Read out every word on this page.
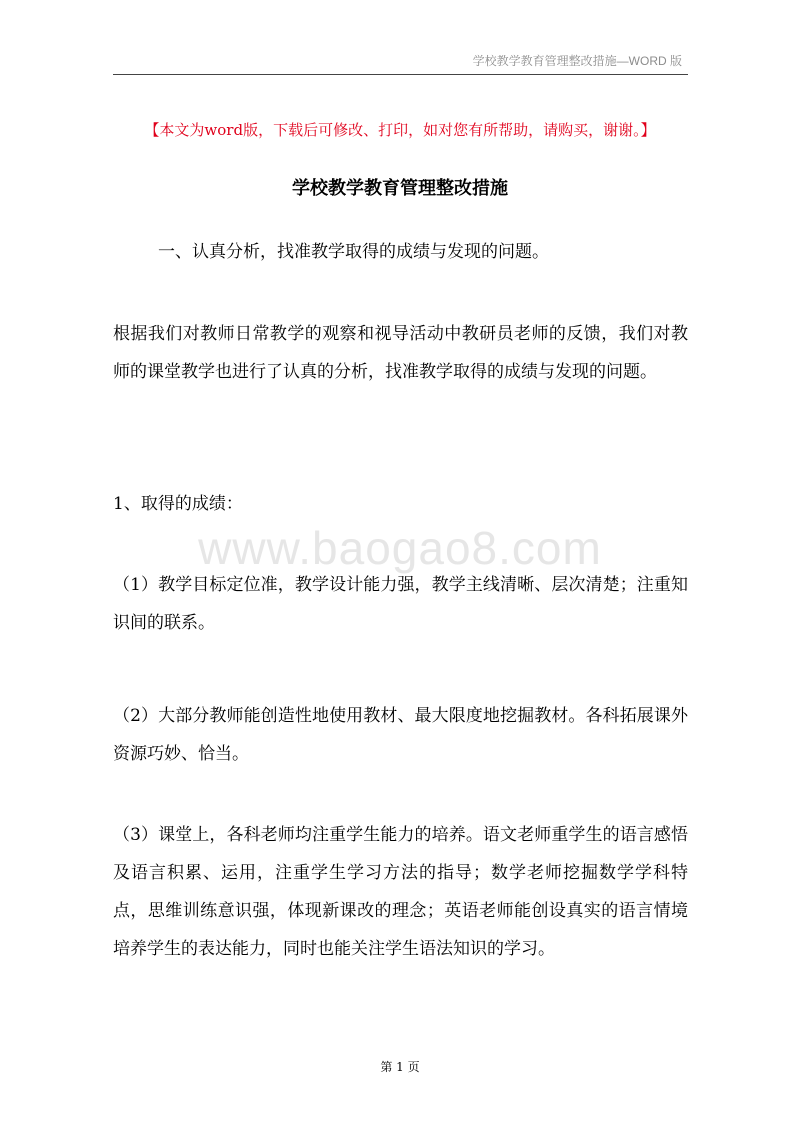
学校教学教育管理整改措施—WORD 版
【本文为word版，下载后可修改、打印，如对您有所帮助，请购买，谢谢。】
学校教学教育管理整改措施
一、认真分析，找准教学取得的成绩与发现的问题。
根据我们对教师日常教学的观察和视导活动中教研员老师的反馈，我们对教师的课堂教学也进行了认真的分析，找准教学取得的成绩与发现的问题。
1、取得的成绩：
www.baogao8.com
（1）教学目标定位准，教学设计能力强，教学主线清晰、层次清楚；注重知识间的联系。
（2）大部分教师能创造性地使用教材、最大限度地挖掘教材。各科拓展课外资源巧妙、恰当。
（3）课堂上，各科老师均注重学生能力的培养。语文老师重学生的语言感悟及语言积累、运用，注重学生学习方法的指导；数学老师挖掘数学学科特点，思维训练意识强，体现新课改的理念；英语老师能创设真实的语言情境培养学生的表达能力，同时也能关注学生语法知识的学习。
第 1 页
